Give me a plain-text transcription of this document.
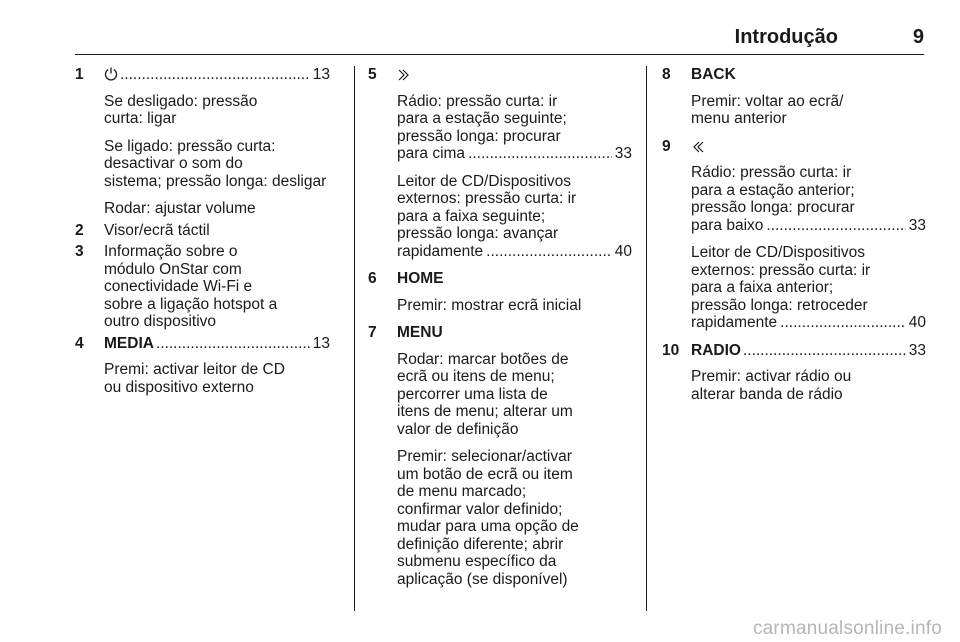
Introdução	9
1 .....	13
Se desligado: pressão
curta: ligar
Se ligado: pressão curta:
desactivar o som do
sistema; pressão longa: desligar
Rodar: ajustar volume
2 Visor/ecrã táctil
3 Informação sobre o
módulo OnStar com
conectividade Wi-Fi e
sobre a ligação hotspot a
outro dispositivo
4 MEDIA .....	13
Premi: activar leitor de CD
ou dispositivo externo
5
Rádio: pressão curta: ir
para a estação seguinte;
pressão longa: procurar
para cima .....	33
Leitor de CD/Dispositivos
externos: pressão curta: ir
para a faixa seguinte;
pressão longa: avançar
rapidamente .....	40
6 HOME
Premir: mostrar ecrã inicial
7 MENU
Rodar: marcar botões de
ecrã ou itens de menu;
percorrer uma lista de
itens de menu; alterar um
valor de definição
Premir: selecionar/activar
um botão de ecrã ou item
de menu marcado;
confirmar valor definido;
mudar para uma opção de
definição diferente; abrir
submenu específico da
aplicação (se disponível)
8 BACK
Premir: voltar ao ecrã/
menu anterior
9
Rádio: pressão curta: ir
para a estação anterior;
pressão longa: procurar
para baixo .....	33
Leitor de CD/Dispositivos
externos: pressão curta: ir
para a faixa anterior;
pressão longa: retroceder
rapidamente .....	40
10 RADIO .....	33
Premir: activar rádio ou
alterar banda de rádio
carmanualsonline.info
